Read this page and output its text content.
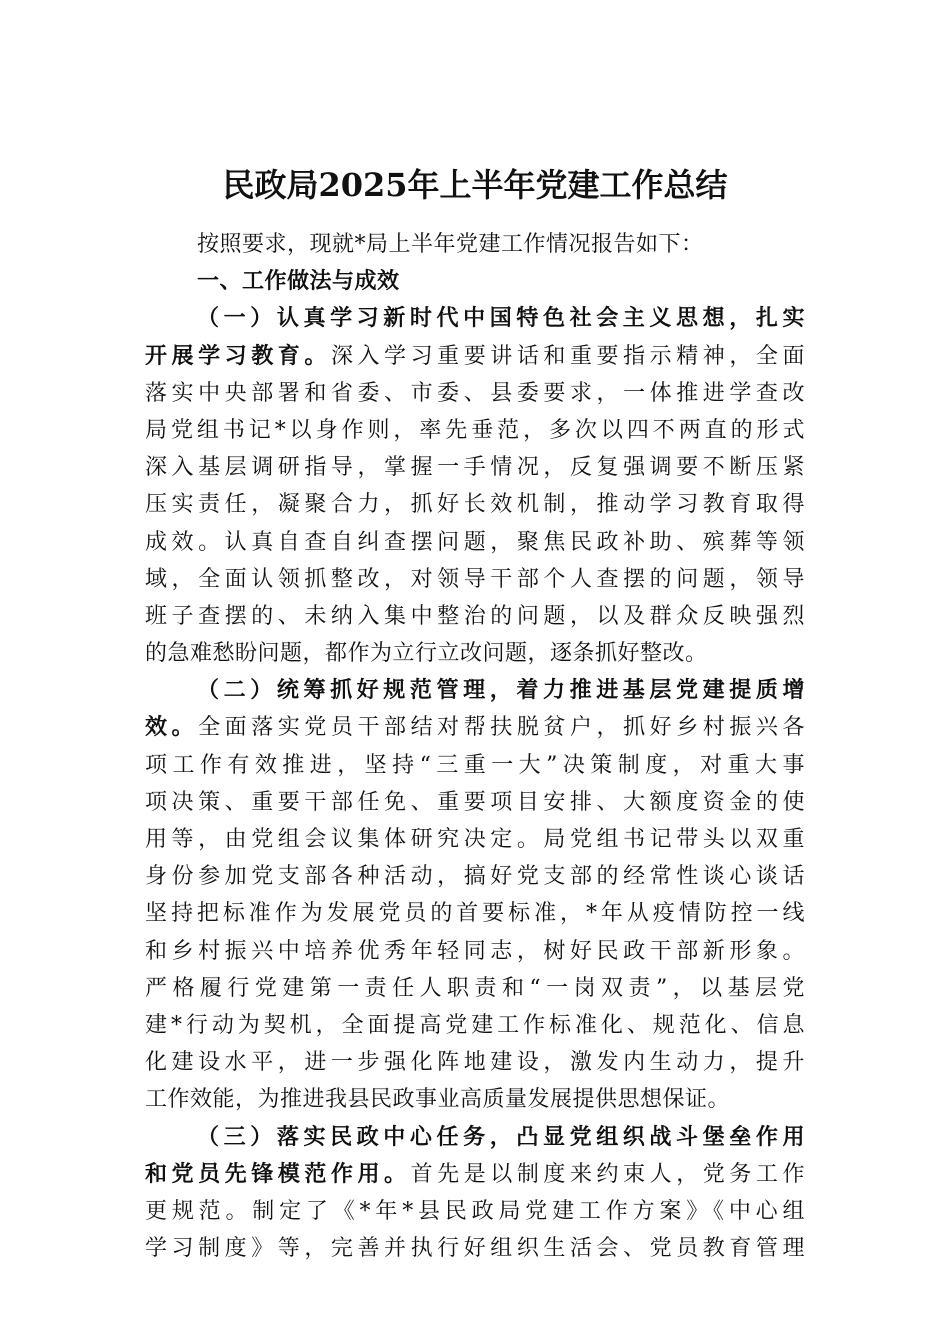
民政局2025年上半年党建工作总结
按照要求，现就*局上半年党建工作情况报告如下：
一、工作做法与成效
（一）认真学习新时代中国特色社会主义思想，扎实
开展学习教育。深入学习重要讲话和重要指示精神，全面
落实中央部署和省委、市委、县委要求，一体推进学查改
局党组书记*以身作则，率先垂范，多次以四不两直的形式
深入基层调研指导，掌握一手情况，反复强调要不断压紧
压实责任，凝聚合力，抓好长效机制，推动学习教育取得
成效。认真自查自纠查摆问题，聚焦民政补助、殡葬等领
域，全面认领抓整改，对领导干部个人查摆的问题，领导
班子查摆的、未纳入集中整治的问题，以及群众反映强烈
的急难愁盼问题，都作为立行立改问题，逐条抓好整改。
（二）统筹抓好规范管理，着力推进基层党建提质增
效。全面落实党员干部结对帮扶脱贫户，抓好乡村振兴各
项工作有效推进，坚持“三重一大”决策制度，对重大事
项决策、重要干部任免、重要项目安排、大额度资金的使
用等，由党组会议集体研究决定。局党组书记带头以双重
身份参加党支部各种活动，搞好党支部的经常性谈心谈话
坚持把标准作为发展党员的首要标准，*年从疫情防控一线
和乡村振兴中培养优秀年轻同志，树好民政干部新形象。
严格履行党建第一责任人职责和“一岗双责”，以基层党
建*行动为契机，全面提高党建工作标准化、规范化、信息
化建设水平，进一步强化阵地建设，激发内生动力，提升
工作效能，为推进我县民政事业高质量发展提供思想保证。
（三）落实民政中心任务，凸显党组织战斗堡垒作用
和党员先锋模范作用。首先是以制度来约束人，党务工作
更规范。制定了《*年*县民政局党建工作方案》《中心组
学习制度》等，完善并执行好组织生活会、党员教育管理
